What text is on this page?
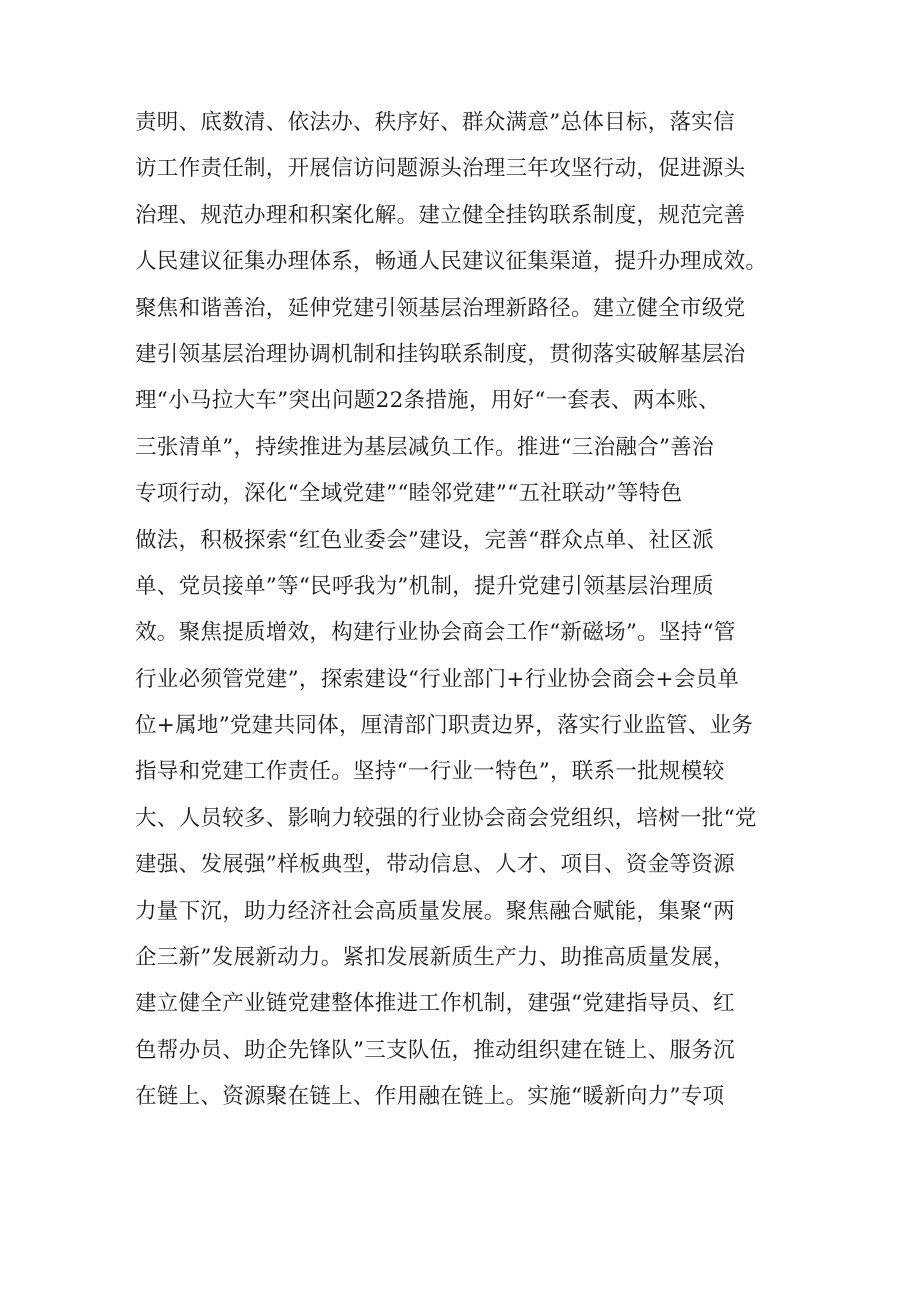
责明、底数清、依法办、秩序好、群众满意”总体目标，落实信
访工作责任制，开展信访问题源头治理三年攻坚行动，促进源头
治理、规范办理和积案化解。建立健全挂钩联系制度，规范完善
人民建议征集办理体系，畅通人民建议征集渠道，提升办理成效。
聚焦和谐善治，延伸党建引领基层治理新路径。建立健全市级党
建引领基层治理协调机制和挂钩联系制度，贯彻落实破解基层治
理“小马拉大车”突出问题22条措施，用好“一套表、两本账、
三张清单”，持续推进为基层减负工作。推进“三治融合”善治
专项行动，深化“全域党建”“睦邻党建”“五社联动”等特色
做法，积极探索“红色业委会”建设，完善“群众点单、社区派
单、党员接单”等“民呼我为”机制，提升党建引领基层治理质
效。聚焦提质增效，构建行业协会商会工作“新磁场”。坚持“管
行业必须管党建”，探索建设“行业部门+行业协会商会+会员单
位+属地”党建共同体，厘清部门职责边界，落实行业监管、业务
指导和党建工作责任。坚持“一行业一特色”，联系一批规模较
大、人员较多、影响力较强的行业协会商会党组织，培树一批“党
建强、发展强”样板典型，带动信息、人才、项目、资金等资源
力量下沉，助力经济社会高质量发展。聚焦融合赋能，集聚“两
企三新”发展新动力。紧扣发展新质生产力、助推高质量发展，
建立健全产业链党建整体推进工作机制，建强“党建指导员、红
色帮办员、助企先锋队”三支队伍，推动组织建在链上、服务沉
在链上、资源聚在链上、作用融在链上。实施“暖新向力”专项
